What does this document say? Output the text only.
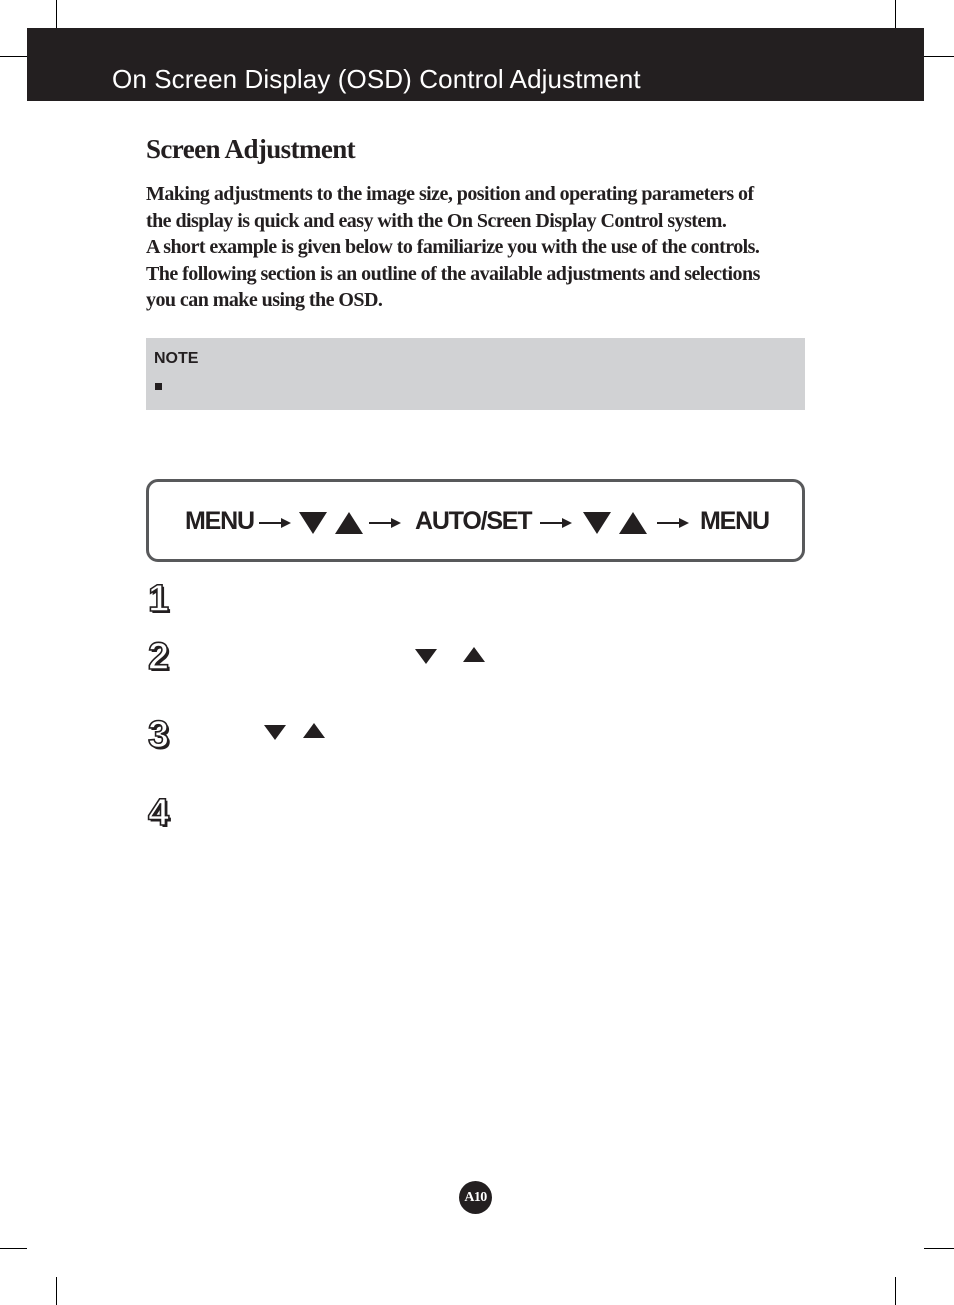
On Screen Display (OSD) Control Adjustment
Screen Adjustment
Making adjustments to the image size, position and operating parameters of
the display is quick and easy with the On Screen Display Control system.
A short example is given below to familiarize you with the use of the controls.
The following section is an outline of the available adjustments and selections
you can make using the OSD.
NOTE
MENU	AUTO/SET	MENU
1
2
3
4
A10
